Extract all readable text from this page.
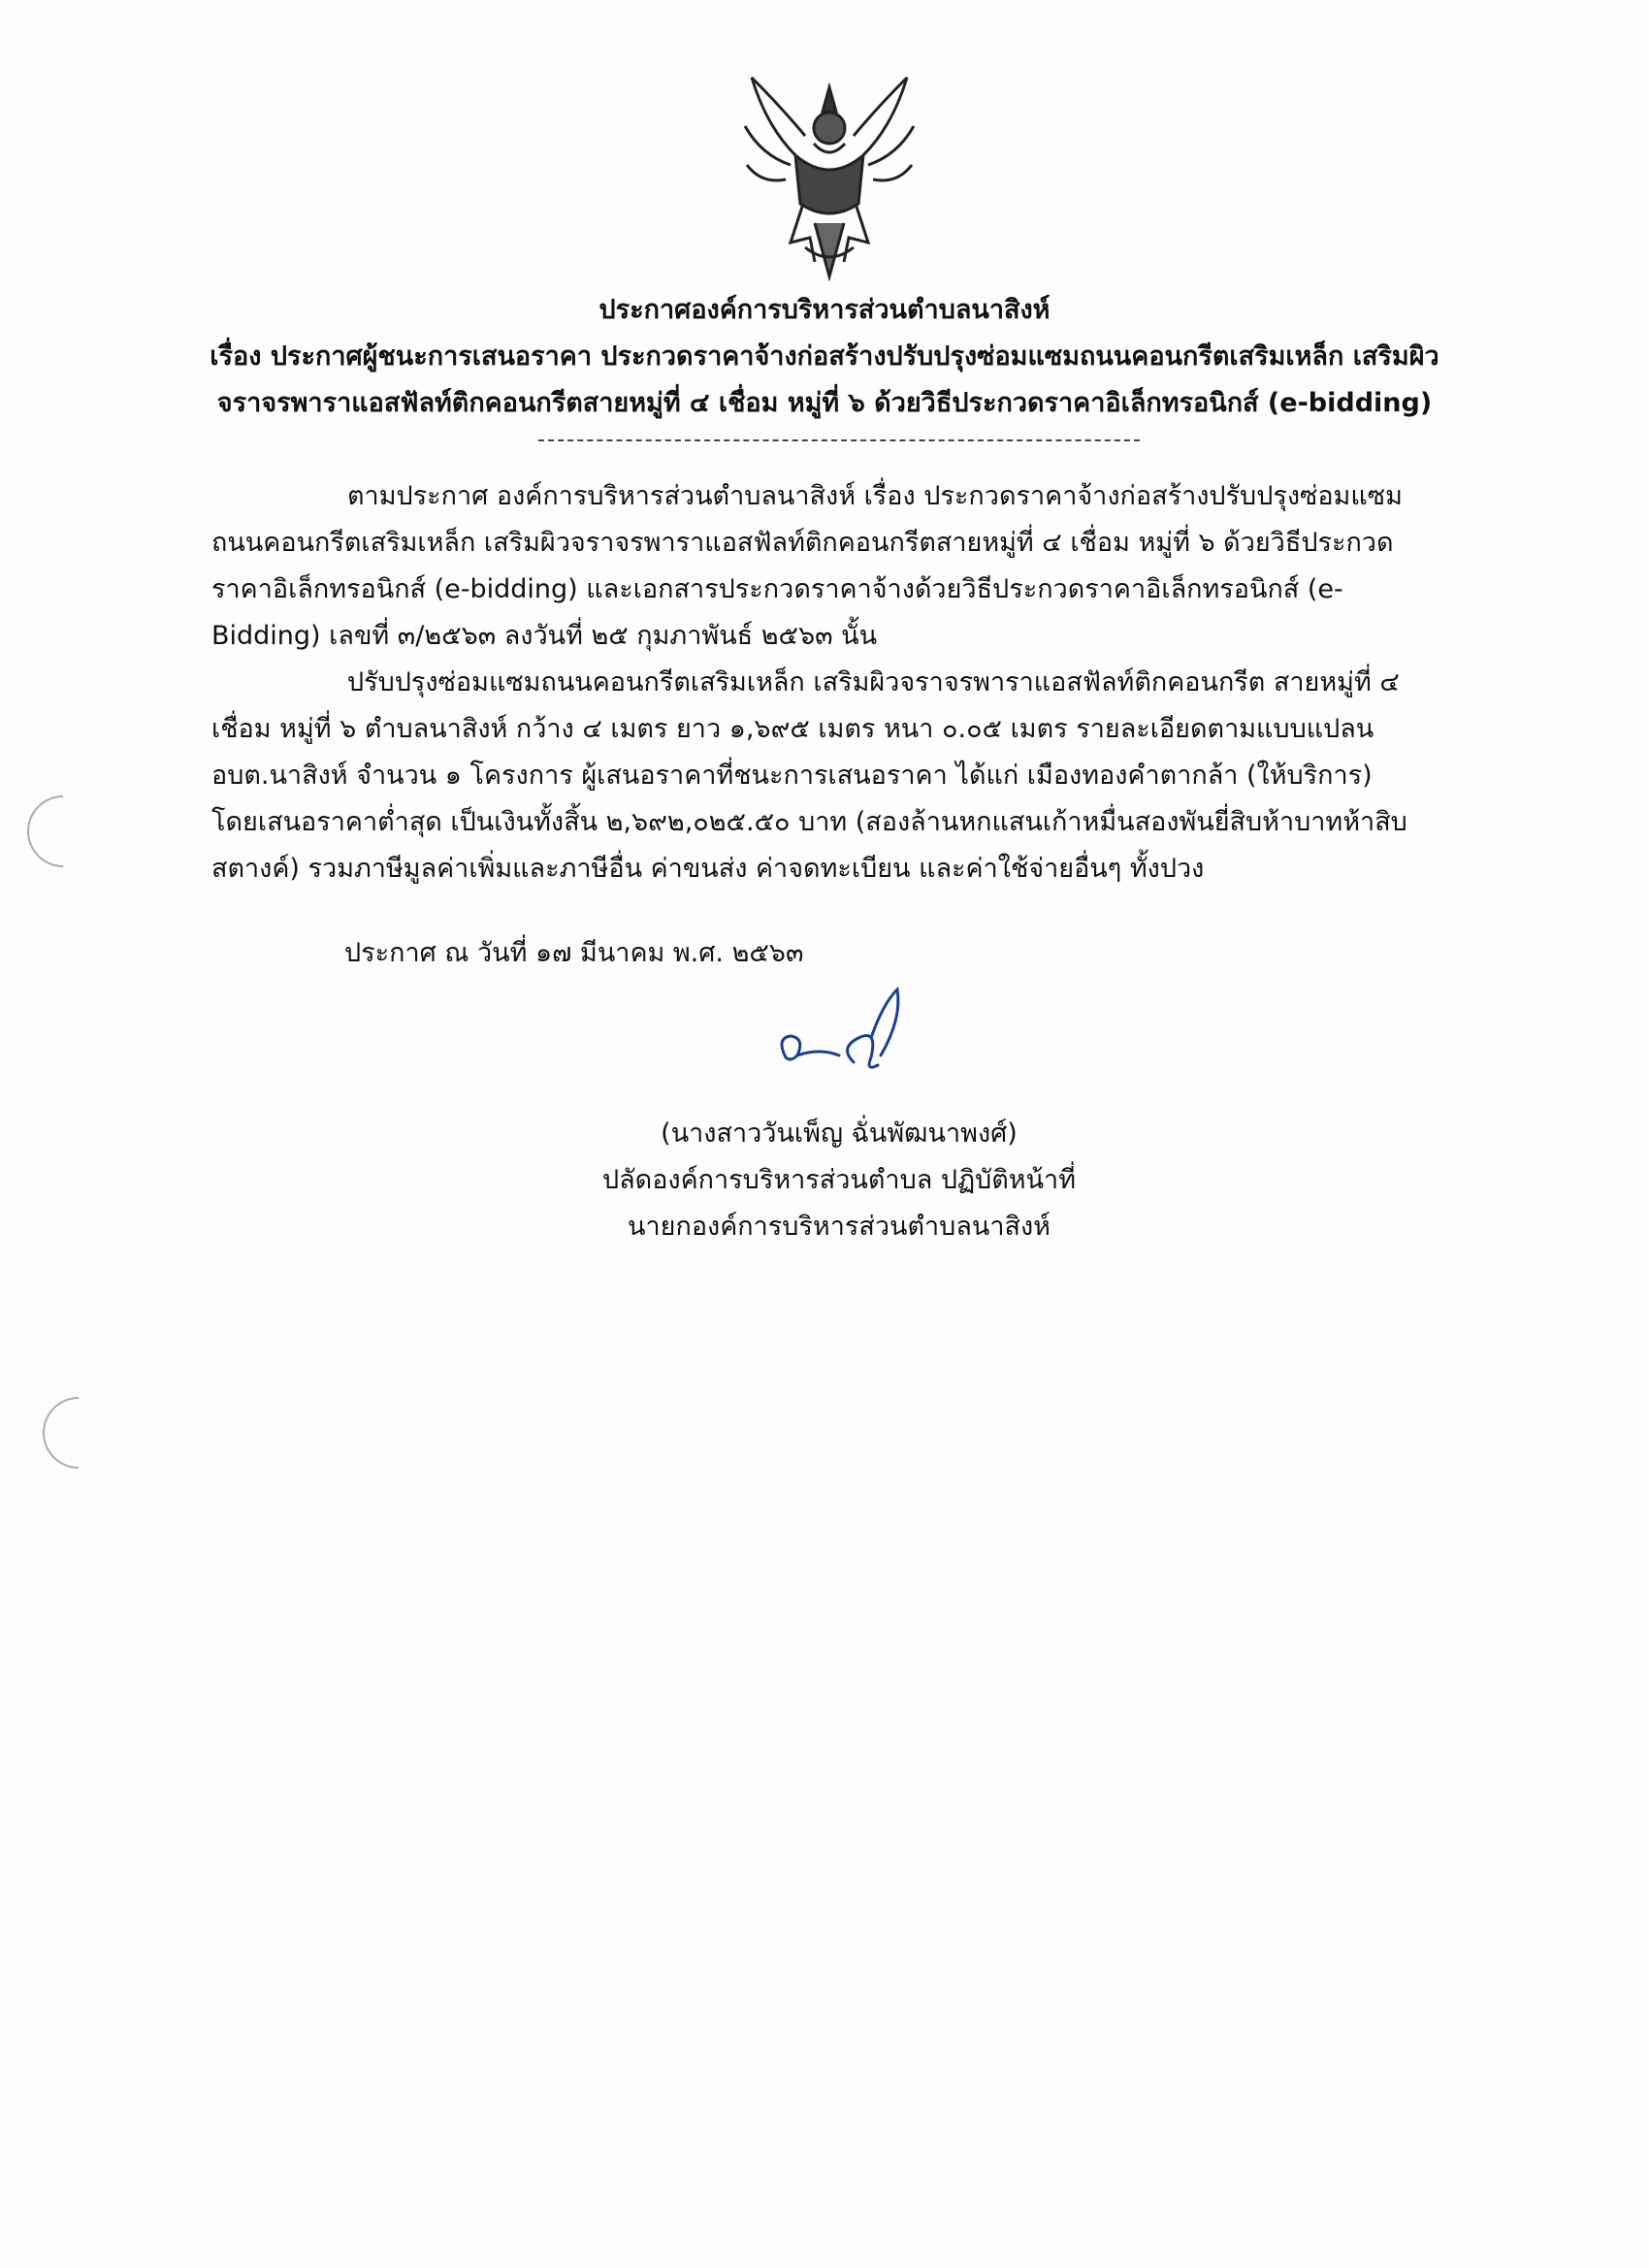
ประกาศองค์การบริหารส่วนตำบลนาสิงห์
เรื่อง ประกาศผู้ชนะการเสนอราคา ประกวดราคาจ้างก่อสร้างปรับปรุงซ่อมแซมถนนคอนกรีตเสริมเหล็ก เสริมผิว
จราจรพาราแอสฟัลท์ติกคอนกรีตสายหมู่ที่ ๔ เชื่อม หมู่ที่ ๖ ด้วยวิธีประกวดราคาอิเล็กทรอนิกส์ (e-bidding)

ตามประกาศ องค์การบริหารส่วนตำบลนาสิงห์ เรื่อง ประกวดราคาจ้างก่อสร้างปรับปรุงซ่อมแซมถนนคอนกรีตเสริมเหล็ก เสริมผิวจราจรพาราแอสฟัลท์ติกคอนกรีตสายหมู่ที่ ๔ เชื่อม หมู่ที่ ๖ ด้วยวิธีประกวดราคาอิเล็กทรอนิกส์ (e-bidding) และเอกสารประกวดราคาจ้างด้วยวิธีประกวดราคาอิเล็กทรอนิกส์ (e-Bidding) เลขที่ ๓/๒๕๖๓ ลงวันที่ ๒๕ กุมภาพันธ์ ๒๕๖๓ นั้น

ปรับปรุงซ่อมแซมถนนคอนกรีตเสริมเหล็ก เสริมผิวจราจรพาราแอสฟัลท์ติกคอนกรีต สายหมู่ที่ ๔ เชื่อม หมู่ที่ ๖ ตำบลนาสิงห์ กว้าง ๔ เมตร ยาว ๑,๖๙๕ เมตร หนา ๐.๐๕ เมตร รายละเอียดตามแบบแปลน อบต.นาสิงห์ จำนวน ๑ โครงการ ผู้เสนอราคาที่ชนะการเสนอราคา ได้แก่ เมืองทองคำตากล้า (ให้บริการ) โดยเสนอราคาต่ำสุด เป็นเงินทั้งสิ้น ๒,๖๙๒,๐๒๕.๕๐ บาท (สองล้านหกแสนเก้าหมื่นสองพันยี่สิบห้าบาทห้าสิบสตางค์) รวมภาษีมูลค่าเพิ่มและภาษีอื่น ค่าขนส่ง ค่าจดทะเบียน และค่าใช้จ่ายอื่นๆ ทั้งปวง

ประกาศ ณ วันที่ ๑๗ มีนาคม พ.ศ. ๒๕๖๓
(นางสาววันเพ็ญ ฉั่นพัฒนาพงศ์)
ปลัดองค์การบริหารส่วนตำบล ปฏิบัติหน้าที่
นายกองค์การบริหารส่วนตำบลนาสิงห์
